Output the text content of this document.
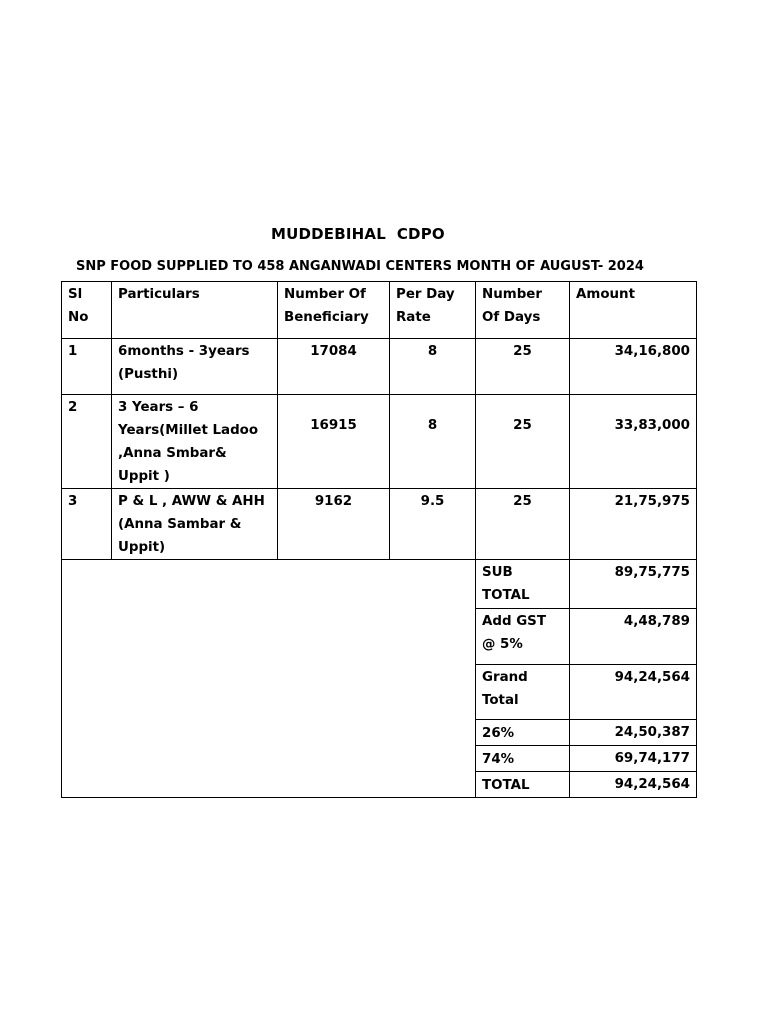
MUDDEBIHAL  CDPO
SNP FOOD SUPPLIED TO 458 ANGANWADI CENTERS MONTH OF AUGUST- 2024
Sl No	Particulars	Number Of Beneficiary	Per Day Rate	Number Of Days	Amount
1	6months - 3years (Pusthi)	17084	8	25	34,16,800
2	3 Years – 6 Years(Millet Ladoo ,Anna Smbar& Uppit )	16915	8	25	33,83,000
3	P & L , AWW & AHH (Anna Sambar & Uppit)	9162	9.5	25	21,75,975
				SUB TOTAL	89,75,775
				Add GST @ 5%	4,48,789
				Grand Total	94,24,564
				26%	24,50,387
				74%	69,74,177
				TOTAL	94,24,564
